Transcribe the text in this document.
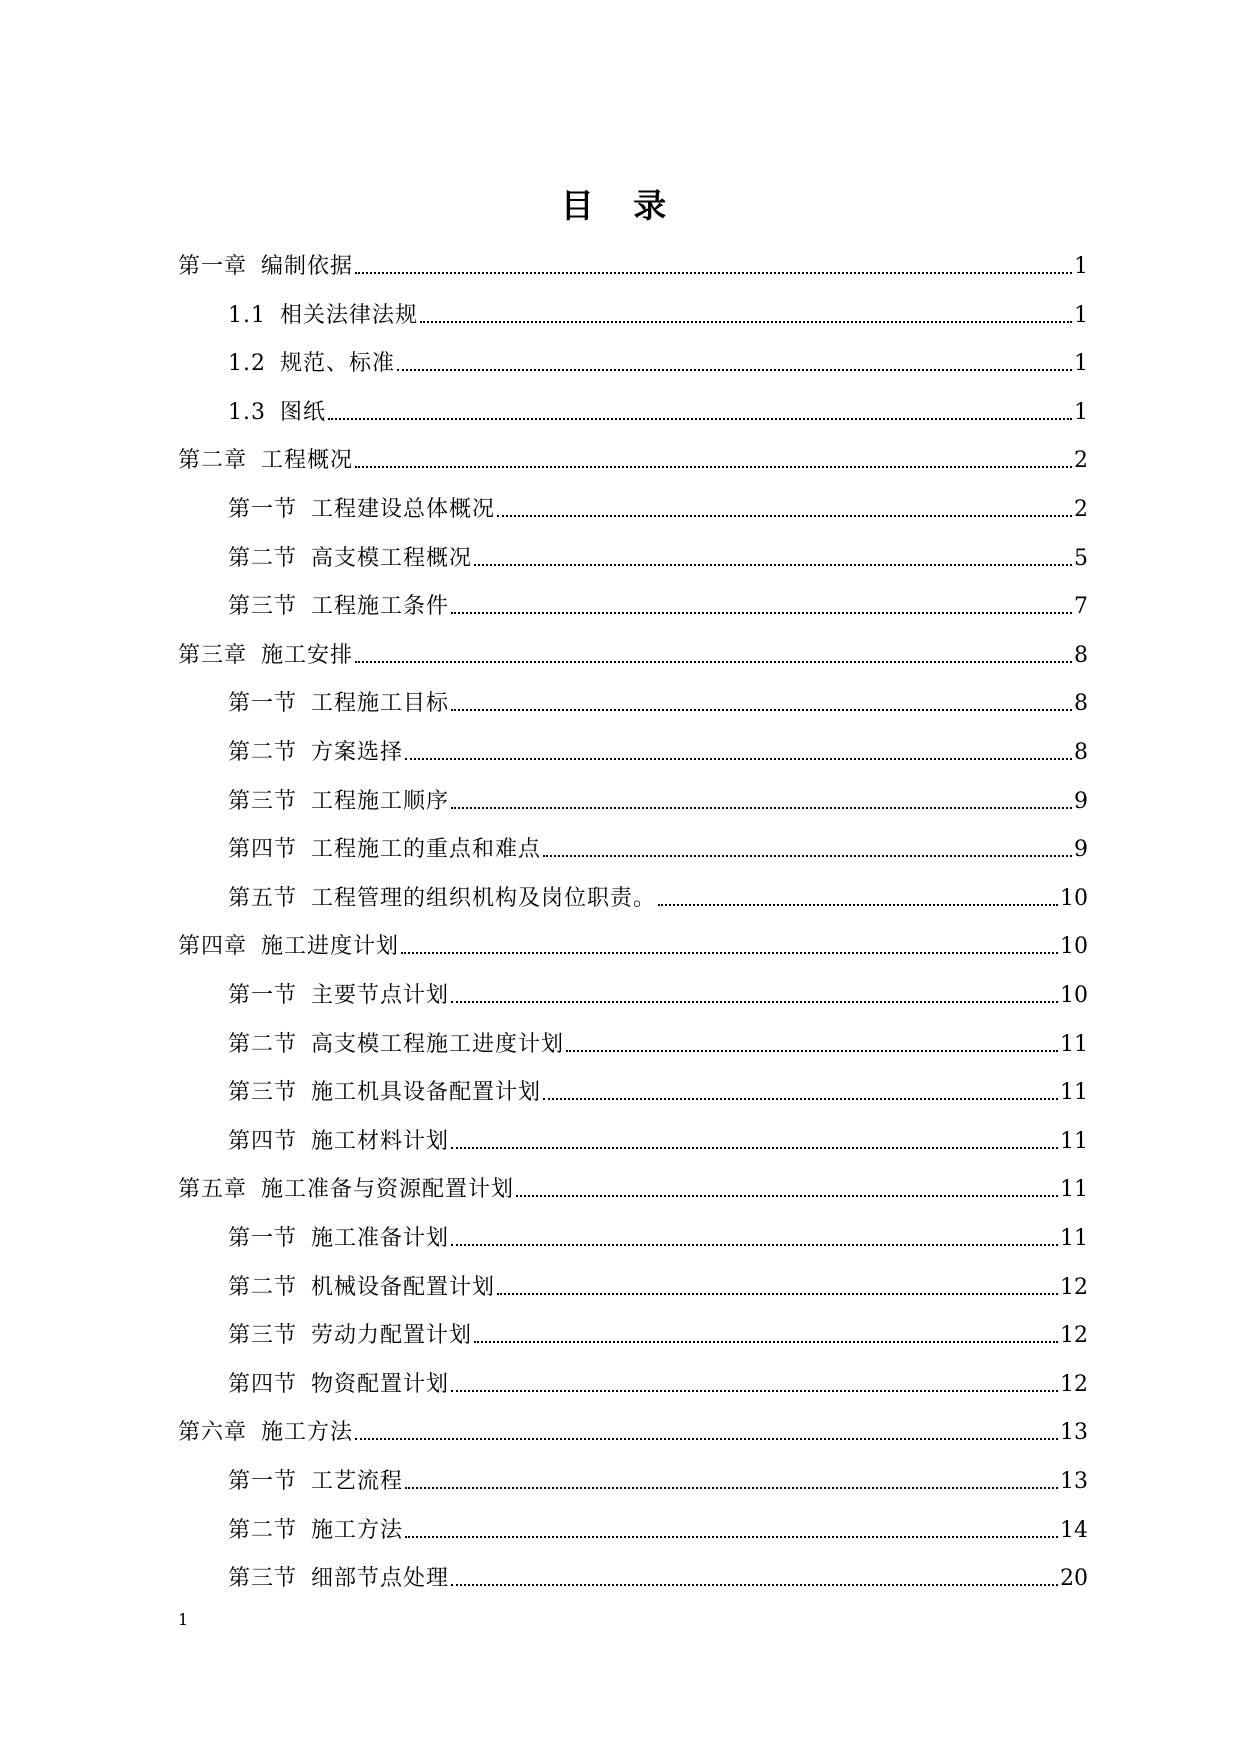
目 录
第一章 编制依据	1
1.1 相关法律法规	1
1.2 规范、标准	1
1.3 图纸	1
第二章 工程概况	2
第一节 工程建设总体概况	2
第二节 高支模工程概况	5
第三节 工程施工条件	7
第三章 施工安排	8
第一节 工程施工目标	8
第二节 方案选择	8
第三节 工程施工顺序	9
第四节 工程施工的重点和难点	9
第五节 工程管理的组织机构及岗位职责。	10
第四章 施工进度计划	10
第一节 主要节点计划	10
第二节 高支模工程施工进度计划	11
第三节 施工机具设备配置计划	11
第四节 施工材料计划	11
第五章 施工准备与资源配置计划	11
第一节 施工准备计划	11
第二节 机械设备配置计划	12
第三节 劳动力配置计划	12
第四节 物资配置计划	12
第六章 施工方法	13
第一节 工艺流程	13
第二节 施工方法	14
第三节 细部节点处理	20
1
